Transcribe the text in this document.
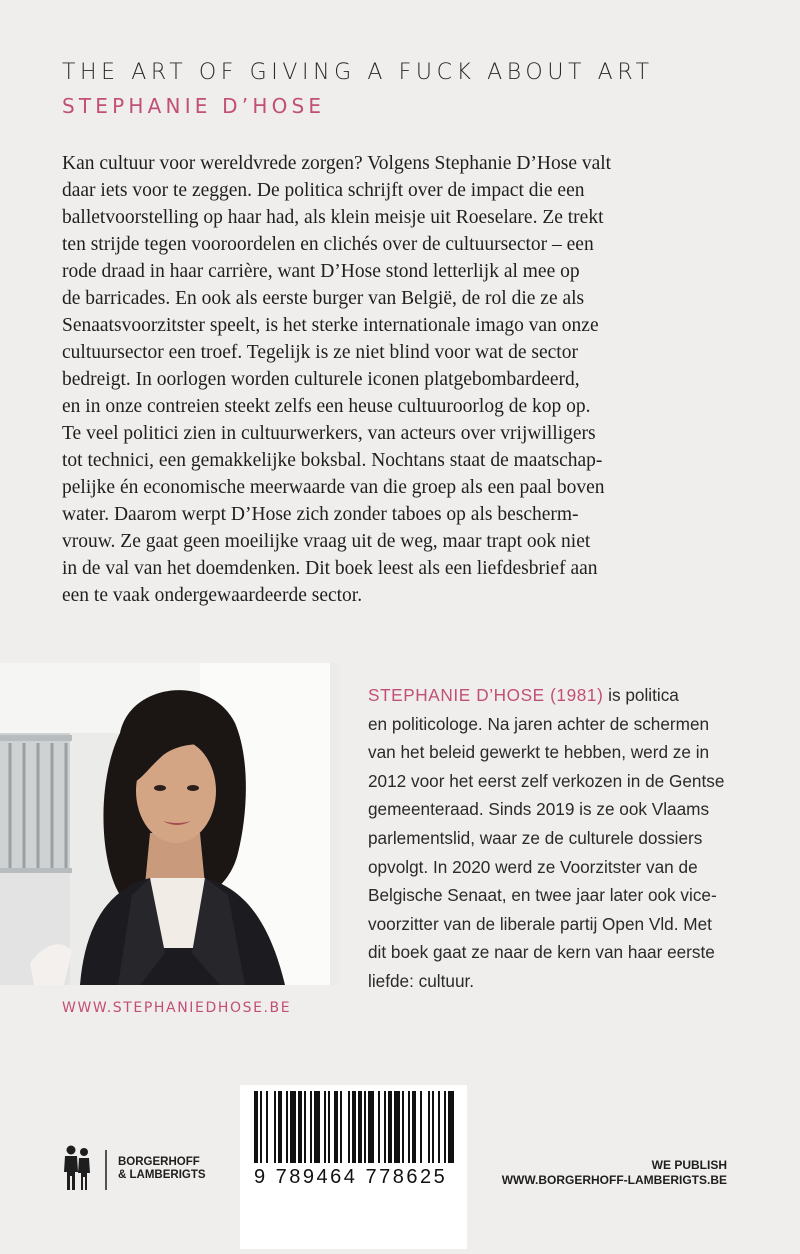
THE ART OF GIVING A FUCK ABOUT ART
STEPHANIE D’HOSE
Kan cultuur voor wereldvrede zorgen? Volgens Stephanie D’Hose valt
daar iets voor te zeggen. De politica schrijft over de impact die een
balletvoorstelling op haar had, als klein meisje uit Roeselare. Ze trekt
ten strijde tegen vooroordelen en clichés over de cultuursector – een
rode draad in haar carrière, want D’Hose stond letterlijk al mee op
de barricades. En ook als eerste burger van België, de rol die ze als
Senaatsvoorzitster speelt, is het sterke internationale imago van onze
cultuursector een troef. Tegelijk is ze niet blind voor wat de sector
bedreigt. In oorlogen worden culturele iconen platgebombardeerd,
en in onze contreien steekt zelfs een heuse cultuuroorlog de kop op.
Te veel politici zien in cultuurwerkers, van acteurs over vrijwilligers
tot technici, een gemakkelijke boksbal. Nochtans staat de maatschap-
pelijke én economische meerwaarde van die groep als een paal boven
water. Daarom werpt D’Hose zich zonder taboes op als bescherm-
vrouw. Ze gaat geen moeilijke vraag uit de weg, maar trapt ook niet
in de val van het doemdenken. Dit boek leest als een liefdesbrief aan
een te vaak ondergewaardeerde sector.
STEPHANIE D’HOSE (1981) is politica
en politicologe. Na jaren achter de schermen
van het beleid gewerkt te hebben, werd ze in
2012 voor het eerst zelf verkozen in de Gentse
gemeenteraad. Sinds 2019 is ze ook Vlaams
parlementslid, waar ze de culturele dossiers
opvolgt. In 2020 werd ze Voorzitster van de
Belgische Senaat, en twee jaar later ook vice-
voorzitter van de liberale partij Open Vld. Met
dit boek gaat ze naar de kern van haar eerste
liefde: cultuur.
WWW.STEPHANIEDHOSE.BE
BORGERHOFF
& LAMBERIGTS 9 789464 778625
WE PUBLISH
WWW.BORGERHOFF-LAMBERIGTS.BE
